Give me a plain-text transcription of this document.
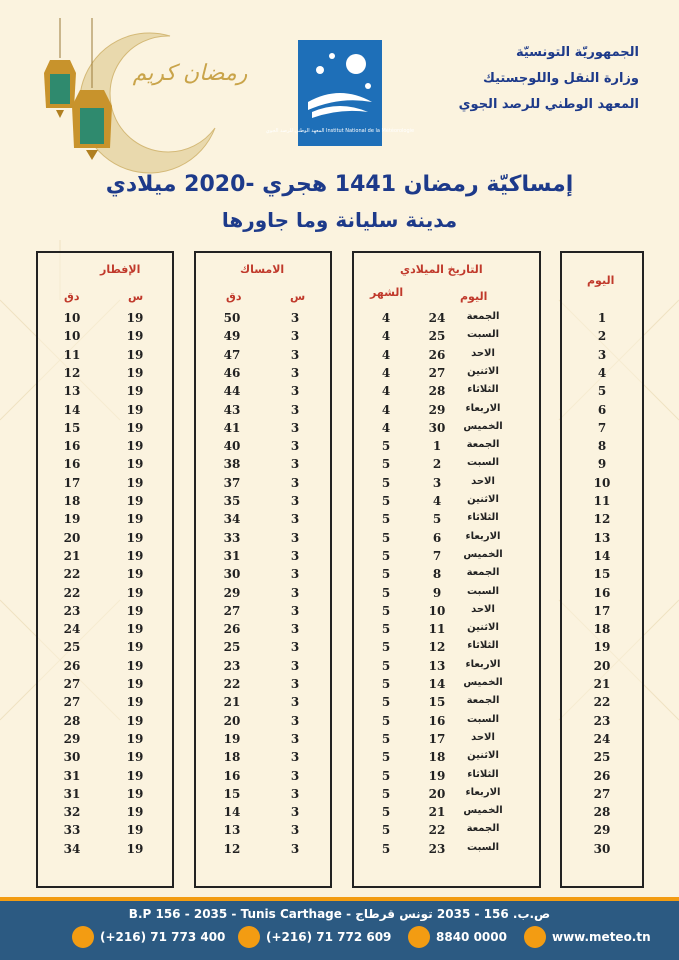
رمضان كريم
المعهد الوطني للرصد الجوي Institut National de la Météorologie
الجمهوريّة التونسيّة
وزارة النقل واللوجستيك
المعهد الوطني للرصد الجوي
إمساكيّة رمضان 1441 هجري -2020 ميلادي
مدينة سليانة وما جاورها
الإفطار
س
دق
الامساك
س
دق
التاريخ الميلادي
اليوم
الشهر
اليوم
10	19	50	3	4	24	الجمعة	1
10	19	49	3	4	25	السبت	2
11	19	47	3	4	26	الاحد	3
12	19	46	3	4	27	الاثنين	4
13	19	44	3	4	28	الثلاثاء	5
14	19	43	3	4	29	الاربعاء	6
15	19	41	3	4	30	الخميس	7
16	19	40	3	5	1	الجمعة	8
16	19	38	3	5	2	السبت	9
17	19	37	3	5	3	الاحد	10
18	19	35	3	5	4	الاثنين	11
19	19	34	3	5	5	الثلاثاء	12
20	19	33	3	5	6	الاربعاء	13
21	19	31	3	5	7	الخميس	14
22	19	30	3	5	8	الجمعة	15
22	19	29	3	5	9	السبت	16
23	19	27	3	5	10	الاحد	17
24	19	26	3	5	11	الاثنين	18
25	19	25	3	5	12	الثلاثاء	19
26	19	23	3	5	13	الاربعاء	20
27	19	22	3	5	14	الخميس	21
27	19	21	3	5	15	الجمعة	22
28	19	20	3	5	16	السبت	23
29	19	19	3	5	17	الاحد	24
30	19	18	3	5	18	الاثنين	25
31	19	16	3	5	19	الثلاثاء	26
31	19	15	3	5	20	الاربعاء	27
32	19	14	3	5	21	الخميس	28
33	19	13	3	5	22	الجمعة	29
34	19	12	3	5	23	السبت	30
B.P 156 - 2035 - Tunis Carthage - ص.ب. 156 - 2035 تونس قرطاج
(+216) 71 773 400	(+216) 71 772 609	8840 0000	www.meteo.tn
